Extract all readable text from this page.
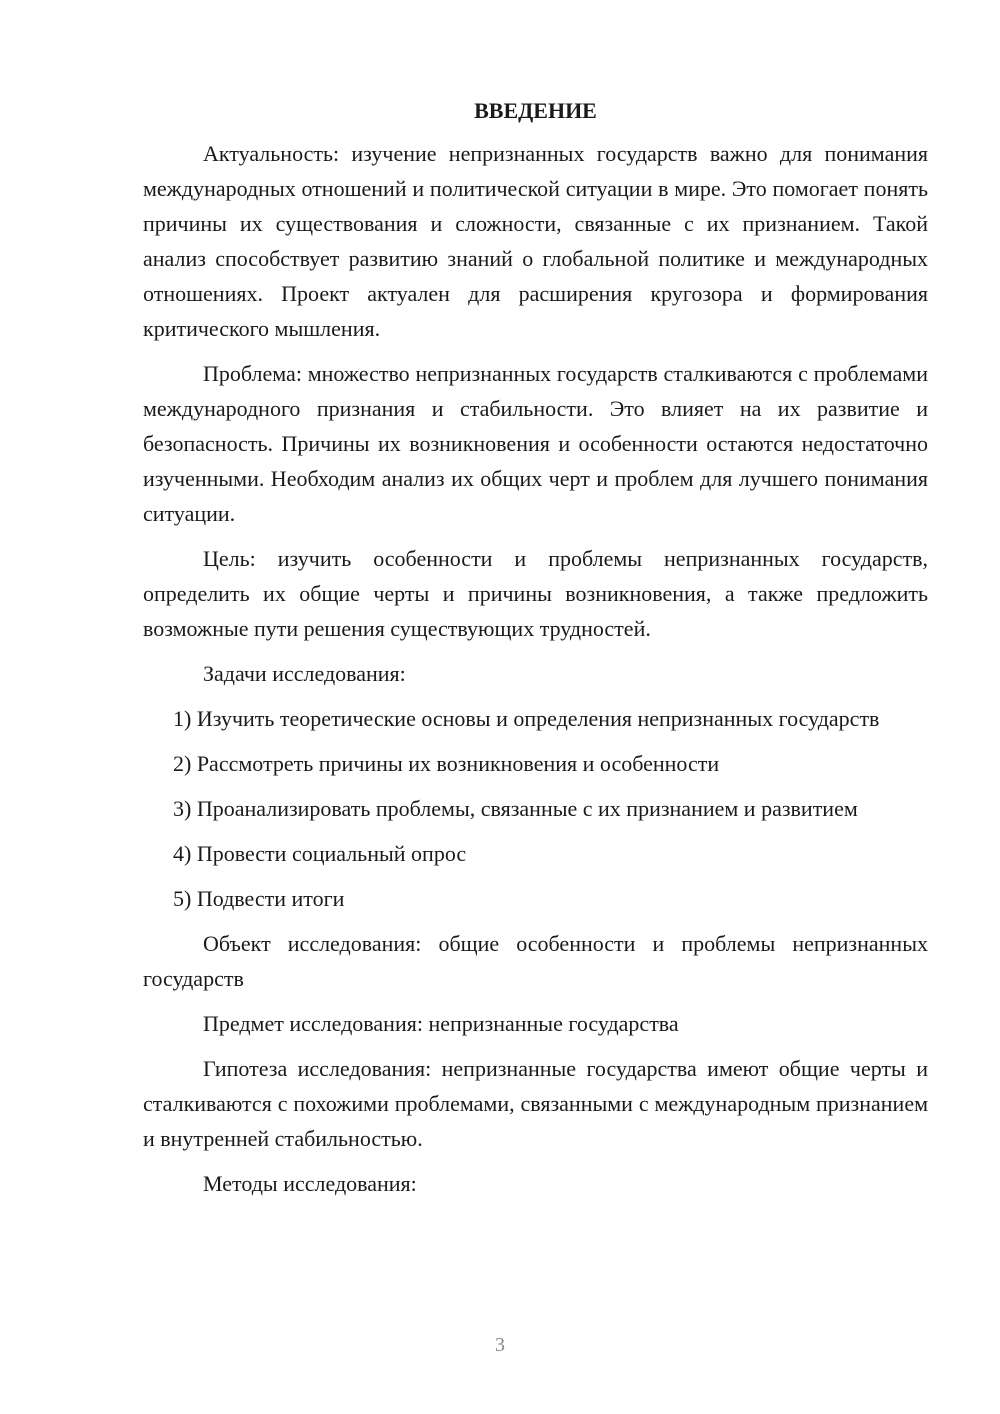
ВВЕДЕНИЕ

Актуальность: изучение непризнанных государств важно для понимания международных отношений и политической ситуации в мире. Это помогает понять причины их существования и сложности, связанные с их признанием. Такой анализ способствует развитию знаний о глобальной политике и международных отношениях. Проект актуален для расширения кругозора и формирования критического мышления.

Проблема: множество непризнанных государств сталкиваются с проблемами международного признания и стабильности. Это влияет на их развитие и безопасность. Причины их возникновения и особенности остаются недостаточно изученными. Необходим анализ их общих черт и проблем для лучшего понимания ситуации.

Цель: изучить особенности и проблемы непризнанных государств, определить их общие черты и причины возникновения, а также предложить возможные пути решения существующих трудностей.

Задачи исследования:

1) Изучить теоретические основы и определения непризнанных государств

2) Рассмотреть причины их возникновения и особенности

3) Проанализировать проблемы, связанные с их признанием и развитием

4) Провести социальный опрос

5) Подвести итоги

Объект исследования: общие особенности и проблемы непризнанных государств

Предмет исследования: непризнанные государства

Гипотеза исследования: непризнанные государства имеют общие черты и сталкиваются с похожими проблемами, связанными с международным признанием и внутренней стабильностью.

Методы исследования:

3
